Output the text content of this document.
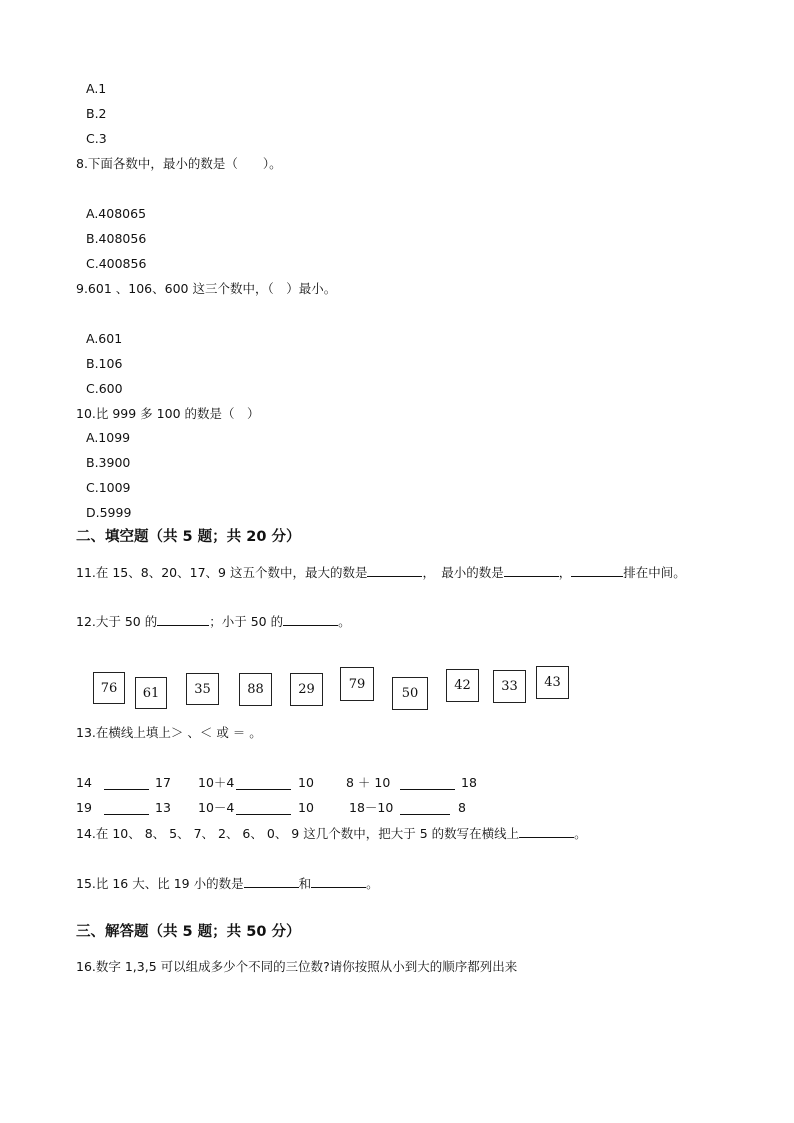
A.1
B.2
C.3
8.下面各数中，最小的数是（　　）。
A.408065
B.408056
C.400856
9.601 、106、600 这三个数中，（　）最小。
A.601
B.106
C.600
10.比 999 多 100 的数是（　）
A.1099
B.3900
C.1009
D.5999
二、填空题（共 5 题；共 20 分）
11.在 15、8、20、17、9 这五个数中，最大的数是	，　最小的数是	，	排在中间。
12.大于 50 的	；小于 50 的	。
76	61	35	88	29	79
50
42	33	43
13.在横线上填上＞ 、＜ 或 ＝ 。
14	17 10＋4	10	8 ＋ 10	18
19	13 10－4	10	18－10	8
14.在 10、 8、 5、 7、 2、 6、 0、 9 这几个数中，把大于 5 的数写在横线上	。
15.比 16 大、比 19 小的数是	和	。
三、解答题（共 5 题；共 50 分）
16.数字 1,3,5 可以组成多少个不同的三位数?请你按照从小到大的顺序都列出来
